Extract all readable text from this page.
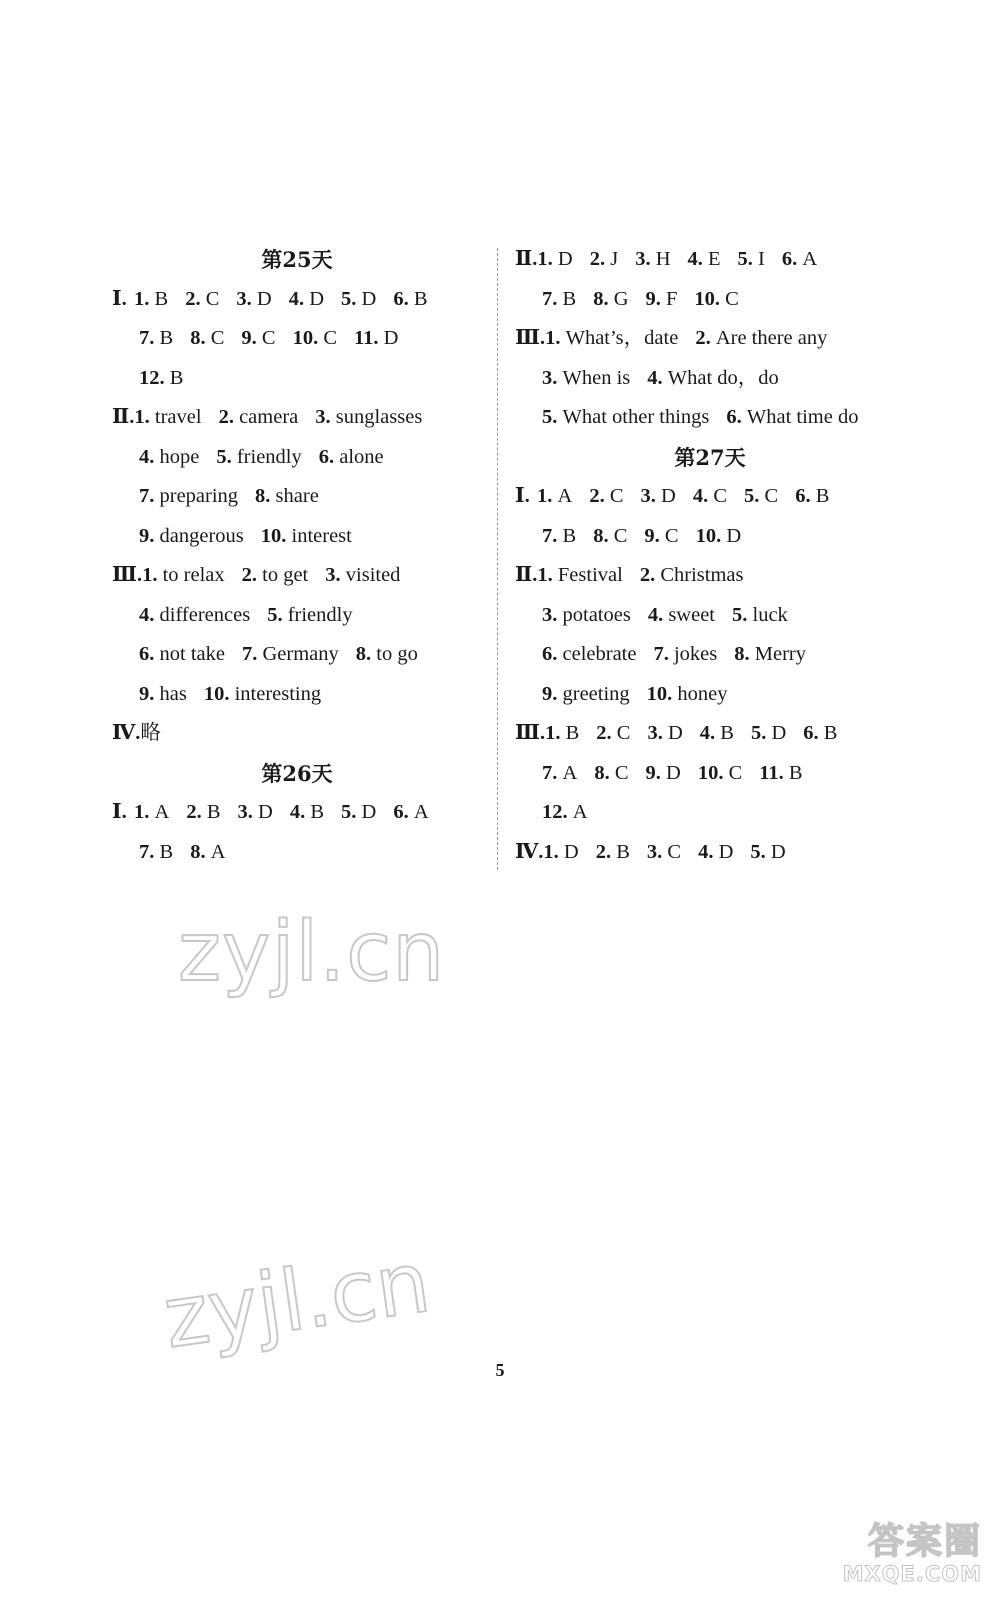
第25天
Ⅰ. 1. B 2. C 3. D 4. D 5. D 6. B
7. B 8. C 9. C 10. C 11. D
12. B
Ⅱ.1. travel 2. camera 3. sunglasses
4. hope 5. friendly 6. alone
7. preparing 8. share
9. dangerous 10. interest
Ⅲ.1. to relax 2. to get 3. visited
4. differences 5. friendly
6. not take 7. Germany 8. to go
9. has 10. interesting
Ⅳ.略
第26天
Ⅰ. 1. A 2. B 3. D 4. B 5. D 6. A
7. B 8. A
Ⅱ.1. D 2. J 3. H 4. E 5. I 6. A
7. B 8. G 9. F 10. C
Ⅲ.1. What’s，date 2. Are there any
3. When is 4. What do，do
5. What other things 6. What time do
第27天
Ⅰ. 1. A 2. C 3. D 4. C 5. C 6. B
7. B 8. C 9. C 10. D
Ⅱ.1. Festival 2. Christmas
3. potatoes 4. sweet 5. luck
6. celebrate 7. jokes 8. Merry
9. greeting 10. honey
Ⅲ.1. B 2. C 3. D 4. B 5. D 6. B
7. A 8. C 9. D 10. C 11. B
12. A
Ⅳ.1. D 2. B 3. C 4. D 5. D
5
zyjl.cn
zyjl.cn
答案圈
MXQE.COM
